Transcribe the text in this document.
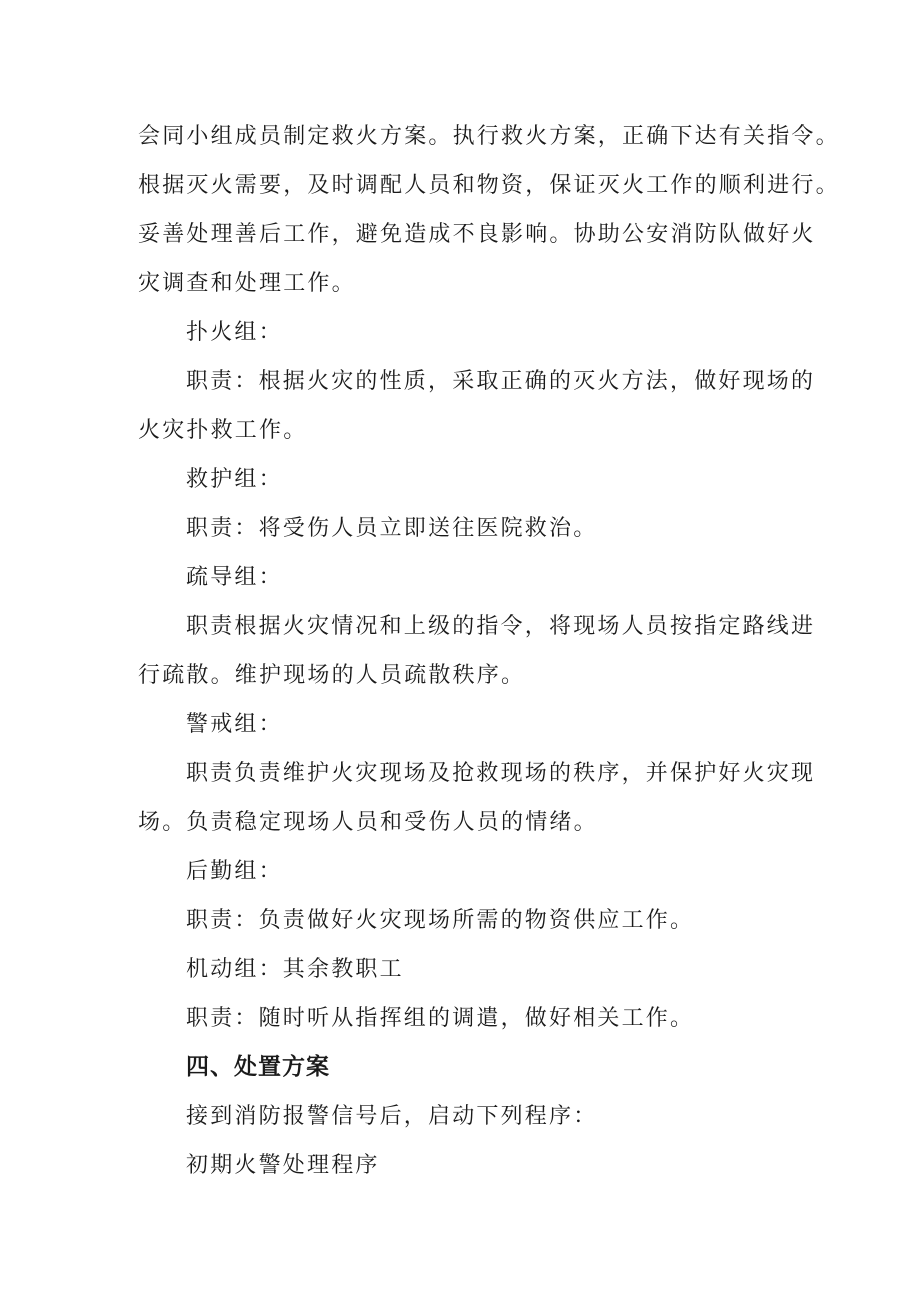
会同小组成员制定救火方案。执行救火方案，正确下达有关指令。
根据灭火需要，及时调配人员和物资，保证灭火工作的顺利进行。
妥善处理善后工作，避免造成不良影响。协助公安消防队做好火
灾调查和处理工作。
扑火组：
职责：根据火灾的性质，采取正确的灭火方法，做好现场的
火灾扑救工作。
救护组：
职责：将受伤人员立即送往医院救治。
疏导组：
职责根据火灾情况和上级的指令，将现场人员按指定路线进
行疏散。维护现场的人员疏散秩序。
警戒组：
职责负责维护火灾现场及抢救现场的秩序，并保护好火灾现
场。负责稳定现场人员和受伤人员的情绪。
后勤组：
职责：负责做好火灾现场所需的物资供应工作。
机动组：其余教职工
职责：随时听从指挥组的调遣，做好相关工作。
四、处置方案
接到消防报警信号后，启动下列程序：
初期火警处理程序
